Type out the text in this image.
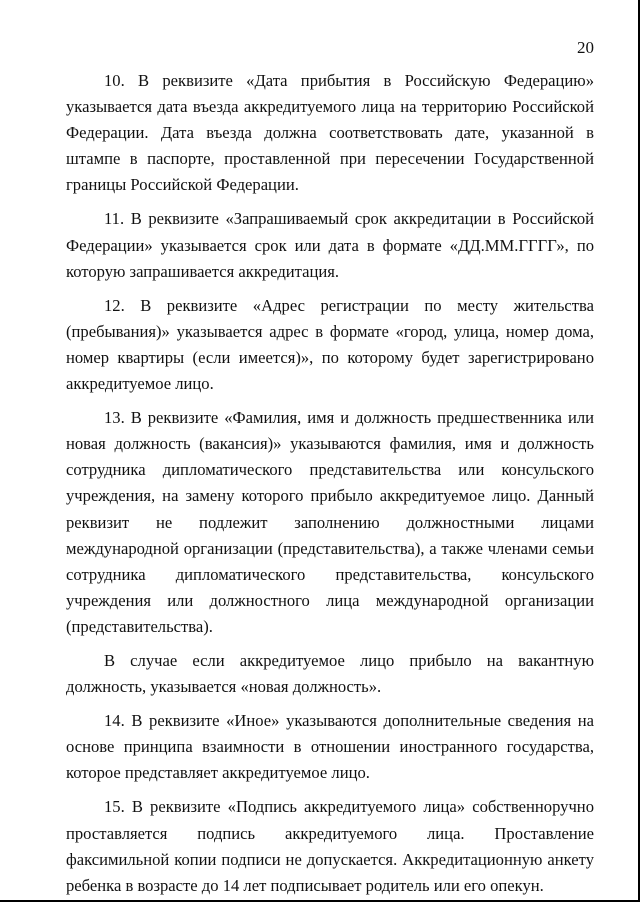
20

10. В реквизите «Дата прибытия в Российскую Федерацию» указывается дата въезда аккредитуемого лица на территорию Российской Федерации. Дата въезда должна соответствовать дате, указанной в штампе в паспорте, проставленной при пересечении Государственной границы Российской Федерации.

11. В реквизите «Запрашиваемый срок аккредитации в Российской Федерации» указывается срок или дата в формате «ДД.ММ.ГГГГ», по которую запрашивается аккредитация.

12. В реквизите «Адрес регистрации по месту жительства (пребывания)» указывается адрес в формате «город, улица, номер дома, номер квартиры (если имеется)», по которому будет зарегистрировано аккредитуемое лицо.

13. В реквизите «Фамилия, имя и должность предшественника или новая должность (вакансия)» указываются фамилия, имя и должность сотрудника дипломатического представительства или консульского учреждения, на замену которого прибыло аккредитуемое лицо. Данный реквизит не подлежит заполнению должностными лицами международной организации (представительства), а также членами семьи сотрудника дипломатического представительства, консульского учреждения или должностного лица международной организации (представительства).

В случае если аккредитуемое лицо прибыло на вакантную должность, указывается «новая должность».

14. В реквизите «Иное» указываются дополнительные сведения на основе принципа взаимности в отношении иностранного государства, которое представляет аккредитуемое лицо.

15. В реквизите «Подпись аккредитуемого лица» собственноручно проставляется подпись аккредитуемого лица. Проставление факсимильной копии подписи не допускается. Аккредитационную анкету ребенка в возрасте до 14 лет подписывает родитель или его опекун.
